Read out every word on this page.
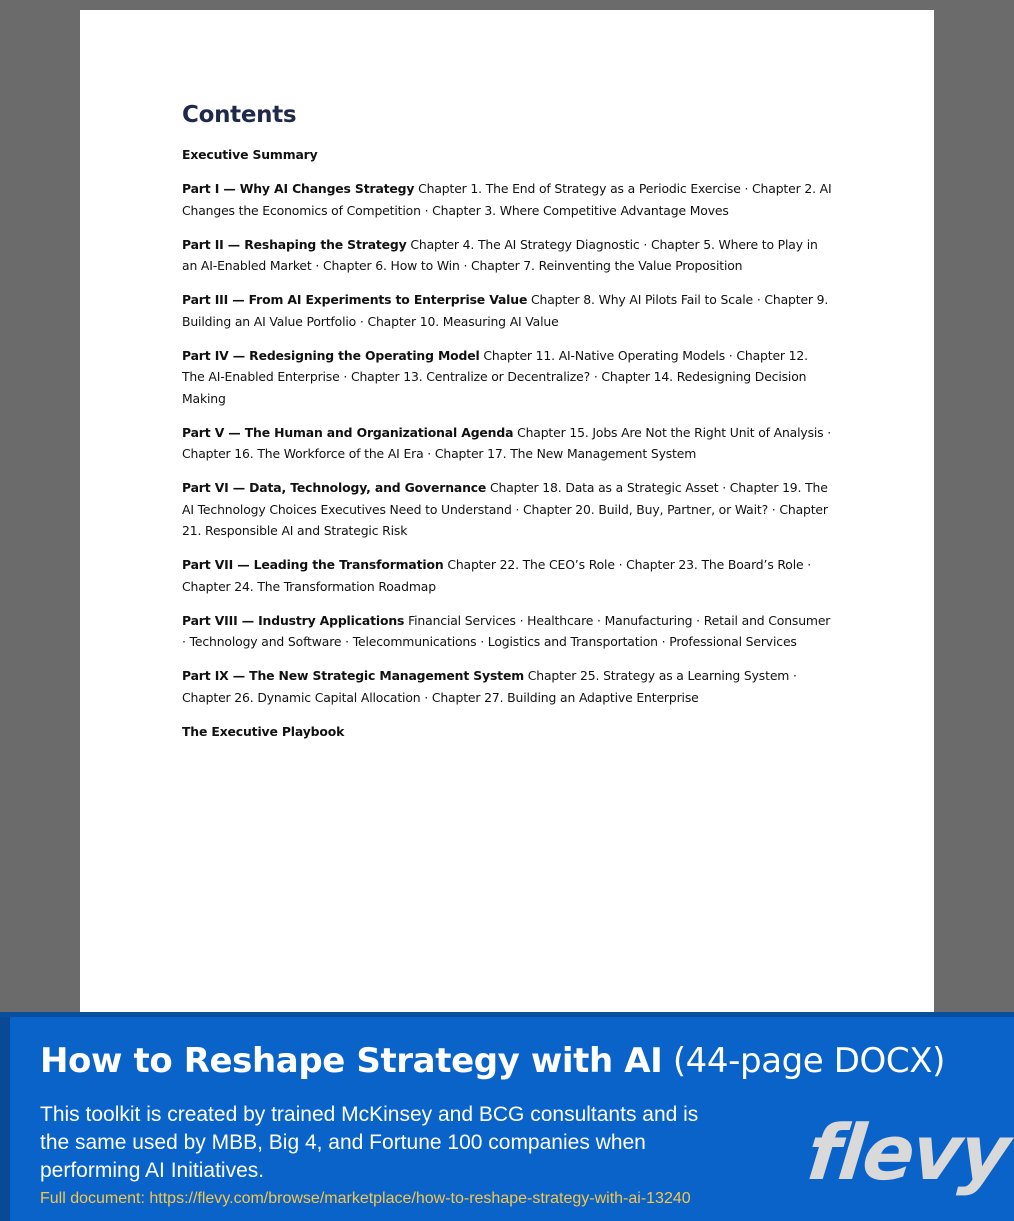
Contents

Executive Summary

Part I — Why AI Changes Strategy Chapter 1. The End of Strategy as a Periodic Exercise · Chapter 2. AI Changes the Economics of Competition · Chapter 3. Where Competitive Advantage Moves

Part II — Reshaping the Strategy Chapter 4. The AI Strategy Diagnostic · Chapter 5. Where to Play in an AI-Enabled Market · Chapter 6. How to Win · Chapter 7. Reinventing the Value Proposition

Part III — From AI Experiments to Enterprise Value Chapter 8. Why AI Pilots Fail to Scale · Chapter 9. Building an AI Value Portfolio · Chapter 10. Measuring AI Value

Part IV — Redesigning the Operating Model Chapter 11. AI-Native Operating Models · Chapter 12. The AI-Enabled Enterprise · Chapter 13. Centralize or Decentralize? · Chapter 14. Redesigning Decision Making

Part V — The Human and Organizational Agenda Chapter 15. Jobs Are Not the Right Unit of Analysis · Chapter 16. The Workforce of the AI Era · Chapter 17. The New Management System

Part VI — Data, Technology, and Governance Chapter 18. Data as a Strategic Asset · Chapter 19. The AI Technology Choices Executives Need to Understand · Chapter 20. Build, Buy, Partner, or Wait? · Chapter 21. Responsible AI and Strategic Risk

Part VII — Leading the Transformation Chapter 22. The CEO’s Role · Chapter 23. The Board’s Role · Chapter 24. The Transformation Roadmap

Part VIII — Industry Applications Financial Services · Healthcare · Manufacturing · Retail and Consumer · Technology and Software · Telecommunications · Logistics and Transportation · Professional Services

Part IX — The New Strategic Management System Chapter 25. Strategy as a Learning System · Chapter 26. Dynamic Capital Allocation · Chapter 27. Building an Adaptive Enterprise

The Executive Playbook

How to Reshape Strategy with AI (44-page DOCX)
This toolkit is created by trained McKinsey and BCG consultants and is the same used by MBB, Big 4, and Fortune 100 companies when performing AI Initiatives.
Full document: https://flevy.com/browse/marketplace/how-to-reshape-strategy-with-ai-13240
flevy
